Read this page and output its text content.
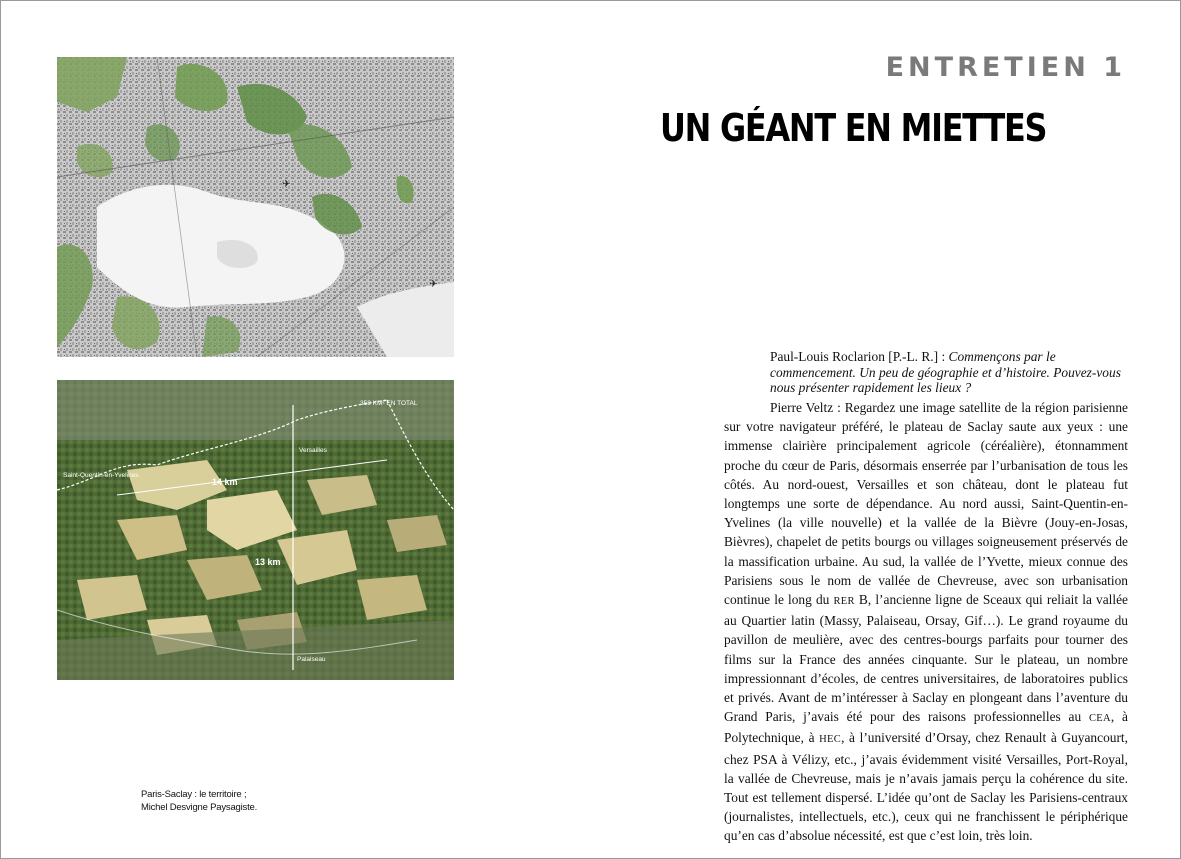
✈
✈
358 KM² EN TOTAL
Versailles
Saint-Quentin-en-Yvelines
14 km
13 km
Palaiseau
Paris-Saclay : le territoire ;
Michel Desvigne Paysagiste.
ENTRETIEN 1
UN GÉANT EN MIETTES
Paul-Louis Roclarion [P.-L. R.] : Commençons par le commencement. Un peu de géographie et d’histoire. Pouvez-vous nous présenter rapidement les lieux ?
Pierre Veltz : Regardez une image satellite de la région parisienne sur votre navigateur préféré, le plateau de Saclay saute aux yeux : une immense clairière principalement agricole (céréalière), étonnamment proche du cœur de Paris, désormais enserrée par l’urbanisation de tous les côtés. Au nord-ouest, Versailles et son château, dont le plateau fut longtemps une sorte de dépendance. Au nord aussi, Saint-Quentin-en-Yvelines (la ville nouvelle) et la vallée de la Bièvre (Jouy-en-Josas, Bièvres), chapelet de petits bourgs ou villages soigneusement préservés de la massification urbaine. Au sud, la vallée de l’Yvette, mieux connue des Parisiens sous le nom de vallée de Chevreuse, avec son urbanisation continue le long du RER B, l’ancienne ligne de Sceaux qui reliait la vallée au Quartier latin (Massy, Palaiseau, Orsay, Gif…). Le grand royaume du pavillon de meulière, avec des centres-bourgs parfaits pour tourner des films sur la France des années cinquante. Sur le plateau, un nombre impressionnant d’écoles, de centres universitaires, de laboratoires publics et privés. Avant de m’intéresser à Saclay en plongeant dans l’aventure du Grand Paris, j’avais été pour des raisons professionnelles au CEA, à Polytechnique, à HEC, à l’université d’Orsay, chez Renault à Guyancourt, chez PSA à Vélizy, etc., j’avais évidemment visité Versailles, Port-Royal, la vallée de Chevreuse, mais je n’avais jamais perçu la cohérence du site. Tout est tellement dispersé. L’idée qu’ont de Saclay les Parisiens-centraux (journalistes, intellectuels, etc.), ceux qui ne franchissent le périphérique qu’en cas d’absolue nécessité, est que c’est loin, très loin.
